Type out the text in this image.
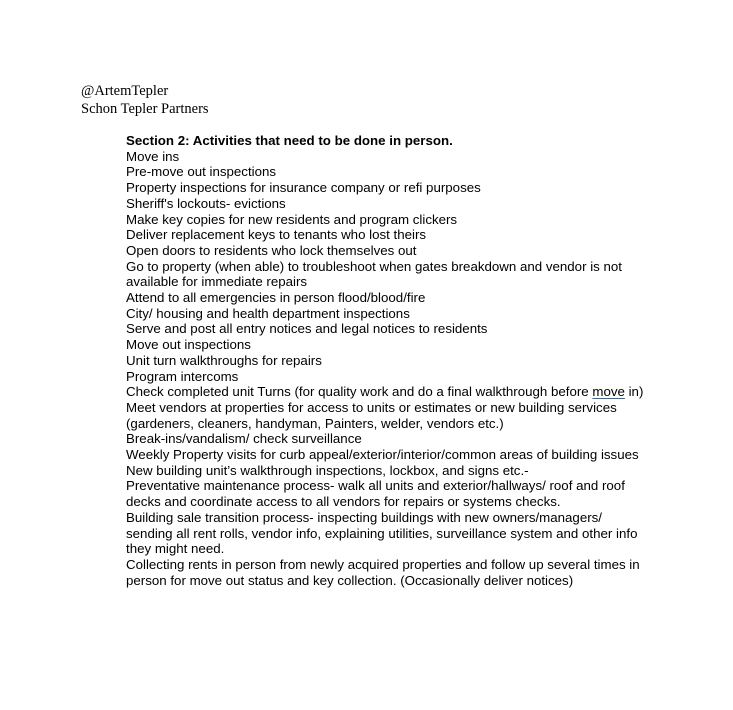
@ArtemTepler
Schon Tepler Partners
Section 2: Activities that need to be done in person.
Move ins
Pre-move out inspections
Property inspections for insurance company or refi purposes
Sheriff's lockouts- evictions
Make key copies for new residents and program clickers
Deliver replacement keys to tenants who lost theirs
Open doors to residents who lock themselves out
Go to property (when able) to troubleshoot when gates breakdown and vendor is not
available for immediate repairs
Attend to all emergencies in person flood/blood/fire
City/ housing and health department inspections
Serve and post all entry notices and legal notices to residents
Move out inspections
Unit turn walkthroughs for repairs
Program intercoms
Check completed unit Turns (for quality work and do a final walkthrough before move in)
Meet vendors at properties for access to units or estimates or new building services
(gardeners, cleaners, handyman, Painters, welder, vendors etc.)
Break-ins/vandalism/ check surveillance
Weekly Property visits for curb appeal/exterior/interior/common areas of building issues
New building unit’s walkthrough inspections, lockbox, and signs etc.-
Preventative maintenance process- walk all units and exterior/hallways/ roof and roof
decks and coordinate access to all vendors for repairs or systems checks.
Building sale transition process- inspecting buildings with new owners/managers/
sending all rent rolls, vendor info, explaining utilities, surveillance system and other info
they might need.
Collecting rents in person from newly acquired properties and follow up several times in
person for move out status and key collection. (Occasionally deliver notices)
